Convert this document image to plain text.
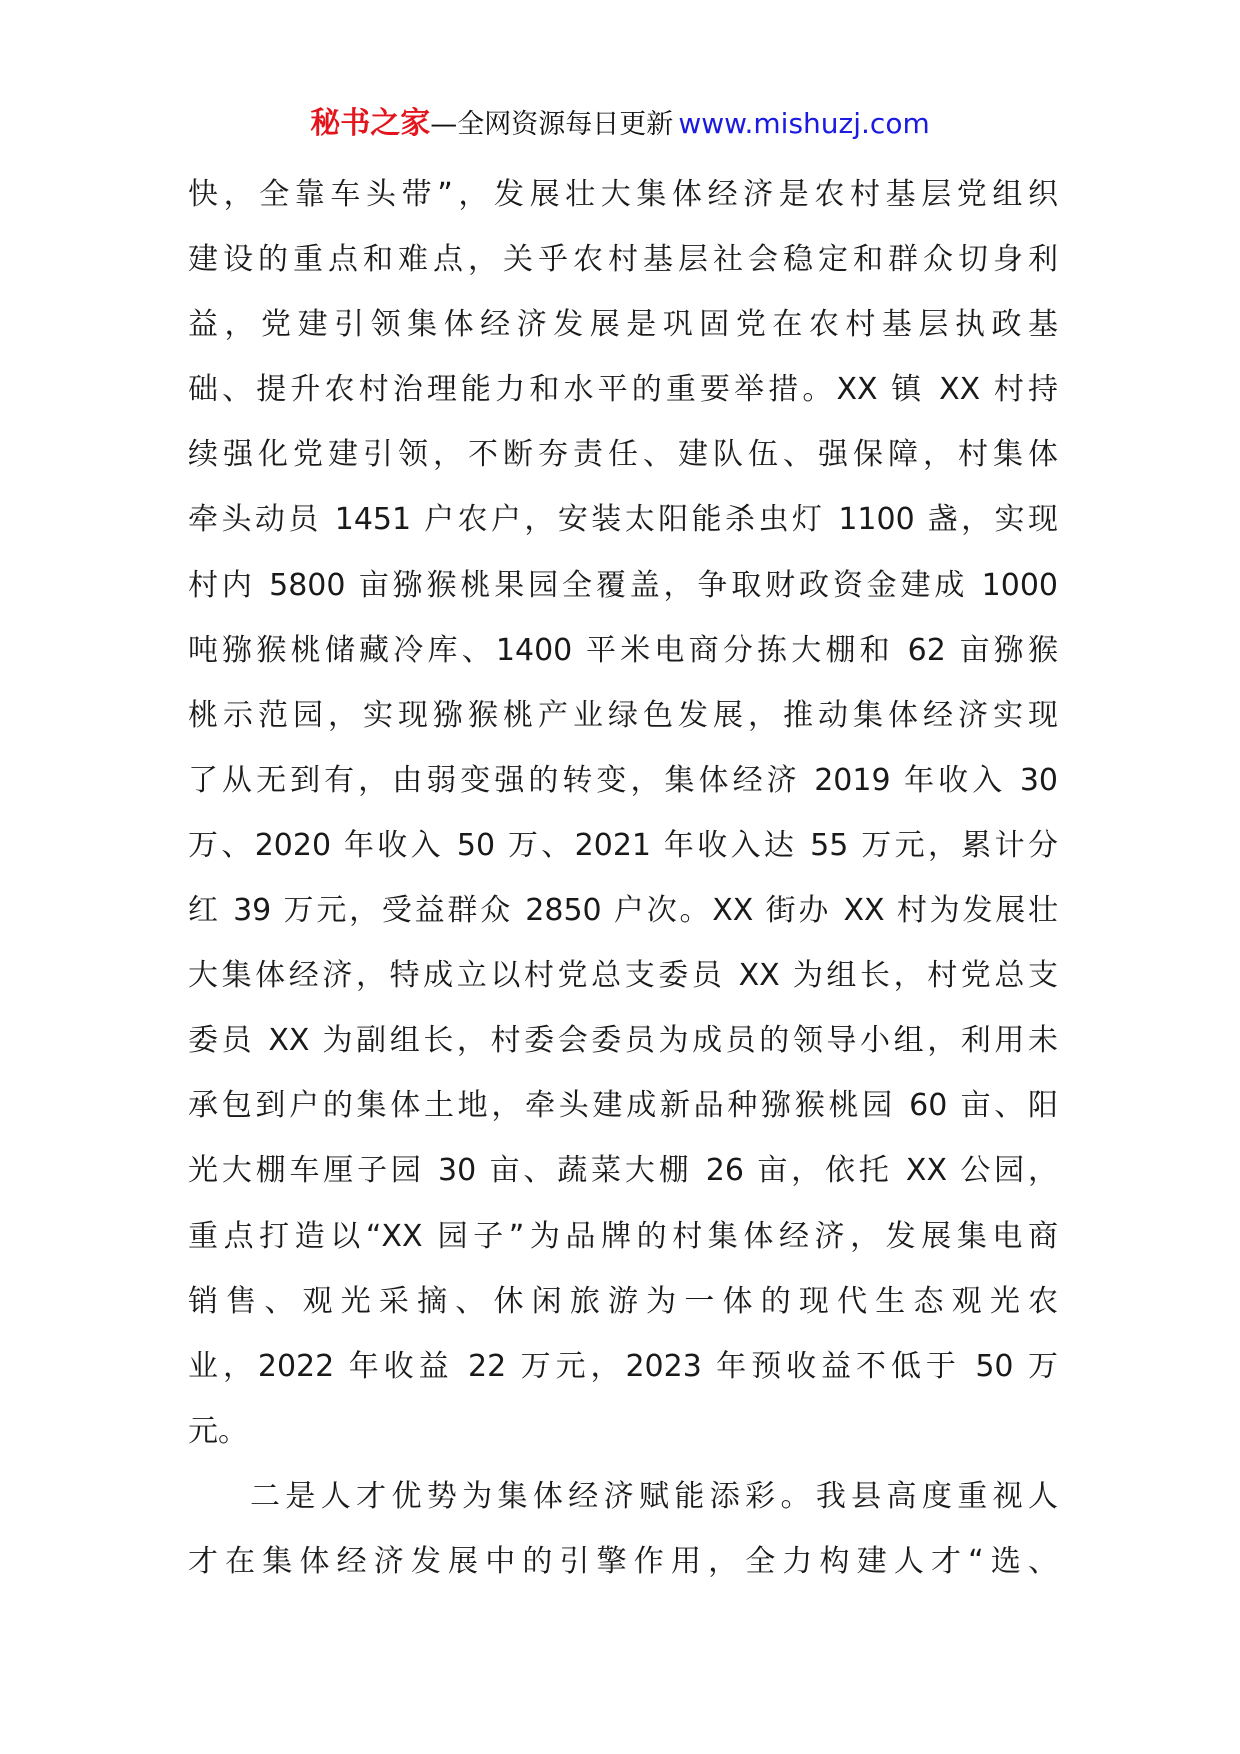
秘书之家—全网资源每日更新 www.mishuzj.com
快，全靠车头带”，发展壮大集体经济是农村基层党组织
建设的重点和难点，关乎农村基层社会稳定和群众切身利
益，党建引领集体经济发展是巩固党在农村基层执政基
础、提升农村治理能力和水平的重要举措。XX 镇 XX 村持
续强化党建引领，不断夯责任、建队伍、强保障，村集体
牵头动员 1451 户农户，安装太阳能杀虫灯 1100 盏，实现
村内 5800 亩猕猴桃果园全覆盖，争取财政资金建成 1000
吨猕猴桃储藏冷库、1400 平米电商分拣大棚和 62 亩猕猴
桃示范园，实现猕猴桃产业绿色发展，推动集体经济实现
了从无到有，由弱变强的转变，集体经济 2019 年收入 30
万、2020 年收入 50 万、2021 年收入达 55 万元，累计分
红 39 万元，受益群众 2850 户次。XX 街办 XX 村为发展壮
大集体经济，特成立以村党总支委员 XX 为组长，村党总支
委员 XX 为副组长，村委会委员为成员的领导小组，利用未
承包到户的集体土地，牵头建成新品种猕猴桃园 60 亩、阳
光大棚车厘子园 30 亩、蔬菜大棚 26 亩，依托 XX 公园，
重点打造以“XX 园子”为品牌的村集体经济，发展集电商
销售、观光采摘、休闲旅游为一体的现代生态观光农
业，2022 年收益 22 万元，2023 年预收益不低于 50 万
元。
二是人才优势为集体经济赋能添彩。我县高度重视人
才在集体经济发展中的引擎作用，全力构建人才“选、
